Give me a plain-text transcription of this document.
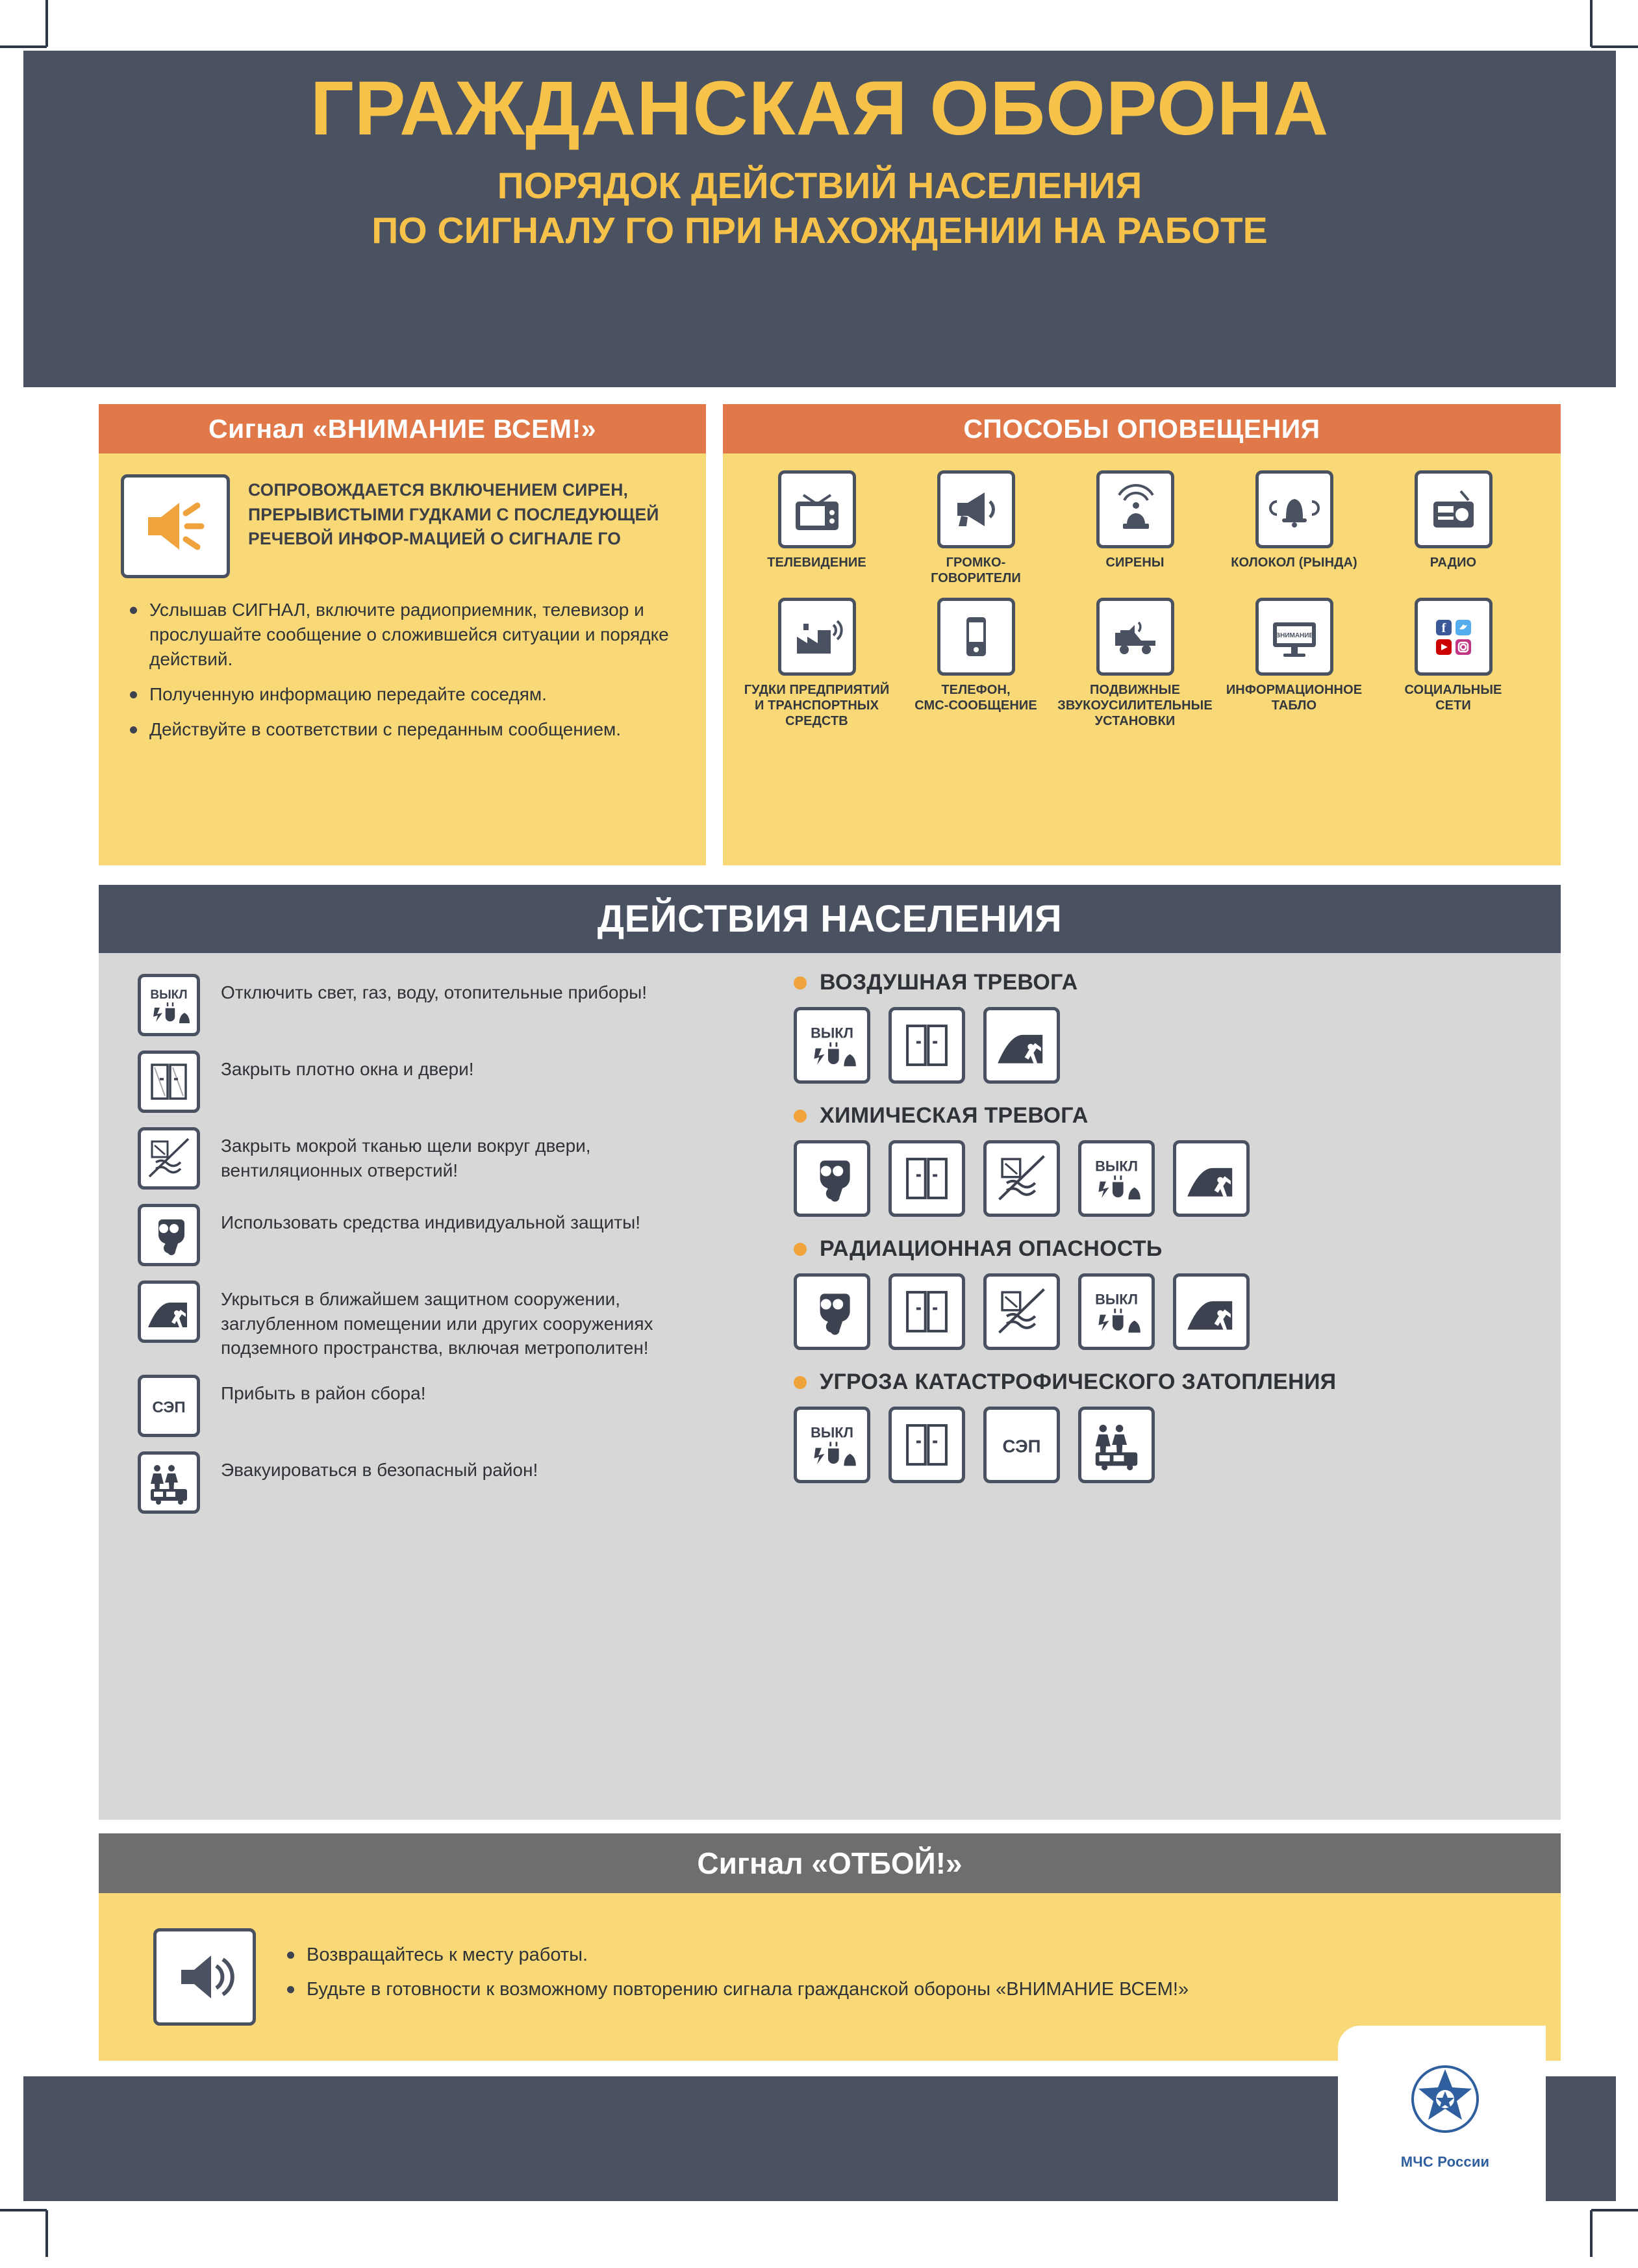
ГРАЖДАНСКАЯ ОБОРОНА
ПОРЯДОК ДЕЙСТВИЙ НАСЕЛЕНИЯ
ПО СИГНАЛУ ГО ПРИ НАХОЖДЕНИИ НА РАБОТЕ
Сигнал «ВНИМАНИЕ ВСЕМ!»
СОПРОВОЖДАЕТСЯ ВКЛЮЧЕНИЕМ СИРЕН, ПРЕРЫВИСТЫМИ ГУДКАМИ С ПОСЛЕДУЮЩЕЙ РЕЧЕВОЙ ИНФОР-МАЦИЕЙ О СИГНАЛЕ ГО
Услышав СИГНАЛ, включите радиоприемник, телевизор и прослушайте сообщение о сложившейся ситуации и порядке действий.
Полученную информацию передайте соседям.
Действуйте в соответствии с переданным сообщением.
СПОСОБЫ ОПОВЕЩЕНИЯ
ТЕЛЕВИДЕНИЕ	ГРОМКО-
ГОВОРИТЕЛИ
СИРЕНЫ	КОЛОКОЛ (РЫНДА)	РАДИО
ГУДКИ ПРЕДПРИЯТИЙ
И ТРАНСПОРТНЫХ
СРЕДСТВ
ТЕЛЕФОН,
СМС-СООБЩЕНИЕ
ПОДВИЖНЫЕ
ЗВУКОУСИЛИТЕЛЬНЫЕ
УСТАНОВКИ
ВНИМАНИЕ
ИНФОРМАЦИОННОЕ
ТАБЛО
f
СОЦИАЛЬНЫЕ
СЕТИ
ДЕЙСТВИЯ НАСЕЛЕНИЯ
ВЫКЛ Отключить свет, газ, воду, отопительные приборы!
Закрыть плотно окна и двери!
Закрыть мокрой тканью щели вокруг двери, вентиляционных отверстий!
Использовать средства индивидуальной защиты!
Укрыться в ближайшем защитном сооружении, заглубленном помещении или других сооружениях подземного пространства, включая метрополитен!
СЭП
Прибыть в район сбора!
Эвакуироваться в безопасный район!
ВОЗДУШНАЯ ТРЕВОГА
ВЫКЛ
ХИМИЧЕСКАЯ ТРЕВОГА
ВЫКЛ
РАДИАЦИОННАЯ ОПАСНОСТЬ
ВЫКЛ
УГРОЗА КАТАСТРОФИЧЕСКОГО ЗАТОПЛЕНИЯ
ВЫКЛ
СЭП
Сигнал «ОТБОЙ!»
Возвращайтесь к месту работы.
Будьте в готовности к возможному повторению сигнала гражданской обороны «ВНИМАНИЕ ВСЕМ!»
МЧС России
